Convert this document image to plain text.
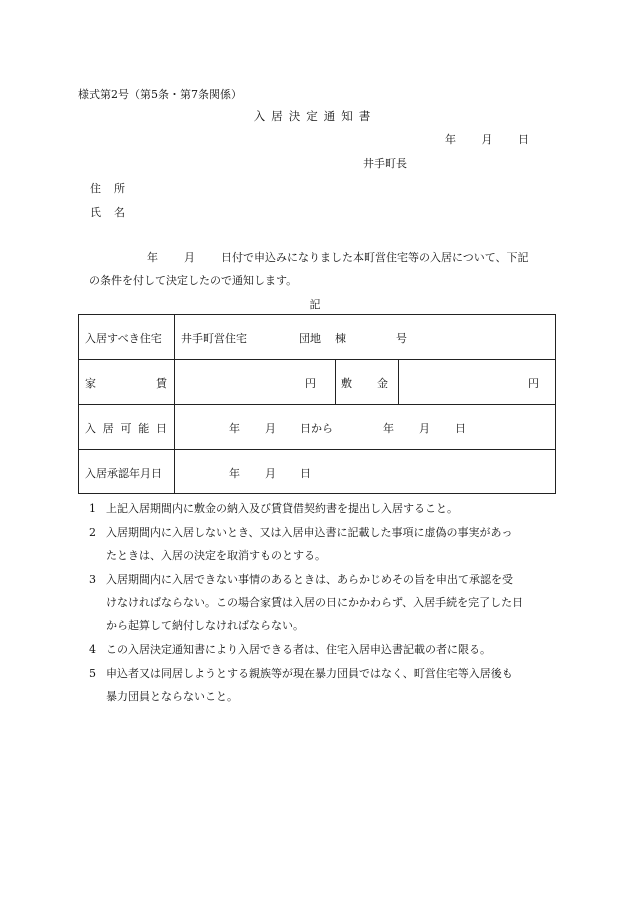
様式第2号（第5条・第7条関係）
入居決定通知書
年 月 日
井手町長
住 所
氏 名
年 月 日付で申込みになりました本町営住宅等の入居について、下記
の条件を付して決定したので通知します。
記
入居すべき住宅 井手町営住宅	団地 棟	号
家	賃	円 敷 金	円
入 居 可 能 日	年 月 日から	年 月 日
入居承認年月日	年 月 日
1 上記入居期間内に敷金の納入及び賃貸借契約書を提出し入居すること。
2 入居期間内に入居しないとき、又は入居申込書に記載した事項に虚偽の事実があっ
たときは、入居の決定を取消すものとする。
3 入居期間内に入居できない事情のあるときは、あらかじめその旨を申出て承認を受
けなければならない。この場合家賃は入居の日にかかわらず、入居手続を完了した日
から起算して納付しなければならない。
4 この入居決定通知書により入居できる者は、住宅入居申込書記載の者に限る。
5 申込者又は同居しようとする親族等が現在暴力団員ではなく、町営住宅等入居後も
暴力団員とならないこと。
